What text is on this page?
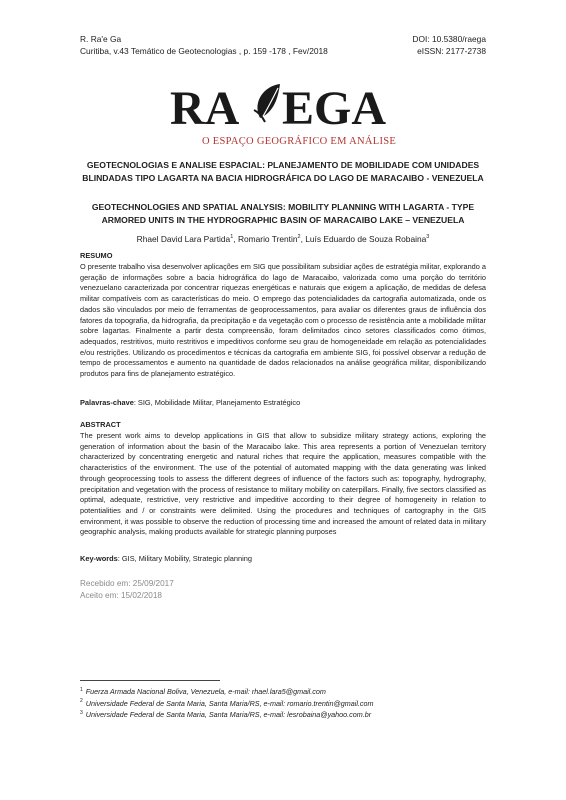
R. Ra'e Ga
Curitiba, v.43 Temático de Geotecnologias , p. 159 -178 , Fev/2018
DOI: 10.5380/raega
eISSN: 2177-2738
RA EGA
O ESPAÇO GEOGRÁFICO EM ANÁLISE
GEOTECNOLOGIAS E ANALISE ESPACIAL: PLANEJAMENTO DE MOBILIDADE COM UNIDADES BLINDADAS TIPO LAGARTA NA BACIA HIDROGRÁFICA DO LAGO DE MARACAIBO - VENEZUELA
GEOTECHNOLOGIES AND SPATIAL ANALYSIS: MOBILITY PLANNING WITH LAGARTA - TYPE ARMORED UNITS IN THE HYDROGRAPHIC BASIN OF MARACAIBO LAKE – VENEZUELA
Rhael David Lara Partida$^1$, Romario Trentin$^2$, Luís Eduardo de Souza Robaina$^3$
RESUMO
O presente trabalho visa desenvolver aplicações em SIG que possibilitam subsidiar ações de estratégia militar, explorando a geração de informações sobre a bacia hidrográfica do lago de Maracaibo, valorizada como uma porção do território venezuelano caracterizada por concentrar riquezas energéticas e naturais que exigem a aplicação, de medidas de defesa militar compatíveis com as características do meio. O emprego das potencialidades da cartografia automatizada, onde os dados são vinculados por meio de ferramentas de geoprocessamentos, para avaliar os diferentes graus de influência dos fatores da topografia, da hidrografia, da precipitação e da vegetação com o processo de resistência ante a mobilidade militar sobre lagartas. Finalmente a partir desta compreensão, foram delimitados cinco setores classificados como ótimos, adequados, restritivos, muito restritivos e impeditivos conforme seu grau de homogeneidade em relação as potencialidades e/ou restrições. Utilizando os procedimentos e técnicas da cartografia em ambiente SIG, foi possível observar a redução de tempo de processamentos e aumento na quantidade de dados relacionados na análise geográfica militar, disponibilizando produtos para fins de planejamento estratégico.
Palavras-chave: SIG, Mobilidade Militar, Planejamento Estratégico
ABSTRACT
The present work aims to develop applications in GIS that allow to subsidize military strategy actions, exploring the generation of information about the basin of the Maracaibo lake. This area represents a portion of Venezuelan territory characterized by concentrating energetic and natural riches that require the application, measures compatible with the characteristics of the environment. The use of the potential of automated mapping with the data generating was linked through geoprocessing tools to assess the different degrees of influence of the factors such as: topography, hydrography, precipitation and vegetation with the process of resistance to military mobility on caterpillars. Finally, five sectors classified as optimal, adequate, restrictive, very restrictive and impeditive according to their degree of homogeneity in relation to potentialities and / or constraints were delimited. Using the procedures and techniques of cartography in the GIS environment, it was possible to observe the reduction of processing time and increased the amount of related data in military geographic analysis, making products available for strategic planning purposes
Key-words: GIS, Military Mobility, Strategic planning
Recebido em: 25/09/2017
Aceito em: 15/02/2018
$^1$ Fuerza Armada Nacional Boliva, Venezuela, e-mail: rhael.lara5@gmail.com
$^2$ Universidade Federal de Santa Maria, Santa Maria/RS, e-mail: romario.trentin@gmail.com
$^3$ Universidade Federal de Santa Maria, Santa Maria/RS, e-mail: lesrobaina@yahoo.com.br
